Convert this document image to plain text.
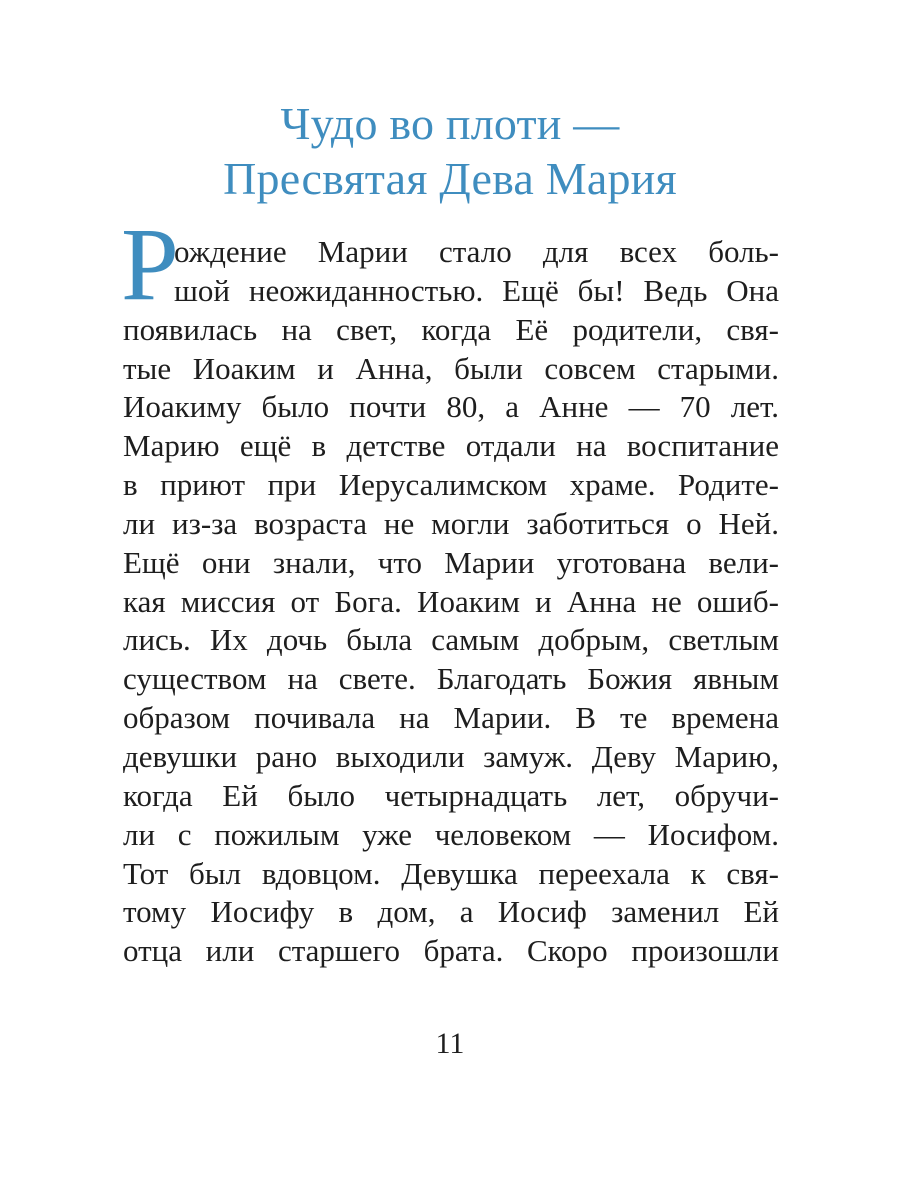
Чудо во плоти —
Пресвятая Дева Мария
Р
ождение Марии стало для всех боль-
шой неожиданностью. Ещё бы! Ведь Она
появилась на свет, когда Её родители, свя-
тые Иоаким и Анна, были совсем старыми.
Иоакиму было почти 80, а Анне — 70 лет.
Марию ещё в детстве отдали на воспитание
в приют при Иерусалимском храме. Родите-
ли из-за возраста не могли заботиться о Ней.
Ещё они знали, что Марии уготована вели-
кая миссия от Бога. Иоаким и Анна не ошиб-
лись. Их дочь была самым добрым, светлым
существом на свете. Благодать Божия явным
образом почивала на Марии. В те времена
девушки рано выходили замуж. Деву Марию,
когда Ей было четырнадцать лет, обручи-
ли с пожилым уже человеком — Иосифом.
Тот был вдовцом. Девушка переехала к свя-
тому Иосифу в дом, а Иосиф заменил Ей
отца или старшего брата. Скоро произошли
11
